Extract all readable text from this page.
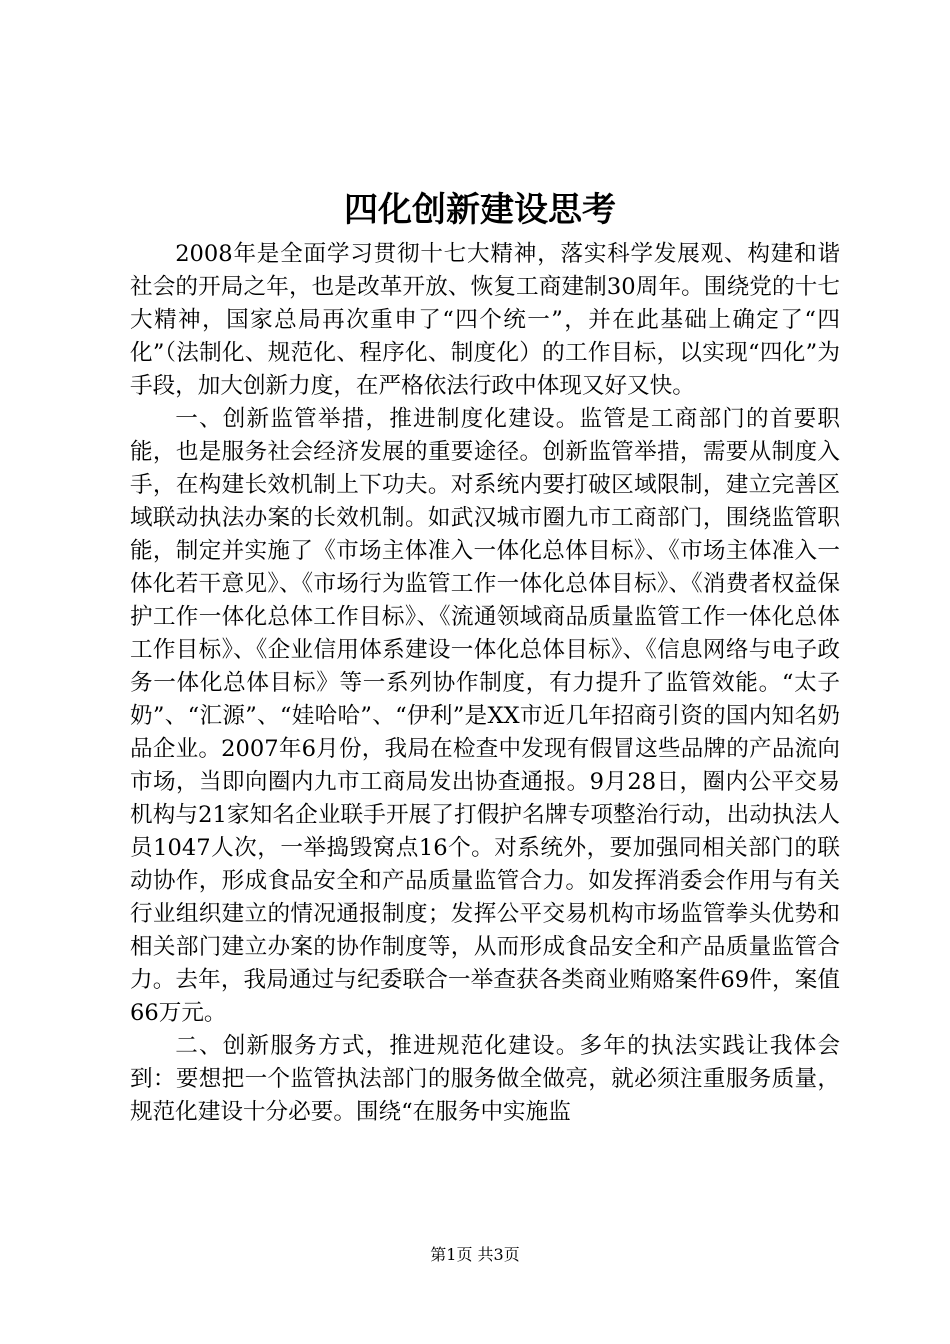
四化创新建设思考

2008年是全面学习贯彻十七大精神，落实科学发展观、构建和谐社会的开局之年，也是改革开放、恢复工商建制30周年。围绕党的十七大精神，国家总局再次重申了“四个统一”，并在此基础上确定了“四化”（法制化、规范化、程序化、制度化）的工作目标，以实现“四化”为手段，加大创新力度，在严格依法行政中体现又好又快。

一、创新监管举措，推进制度化建设。监管是工商部门的首要职能，也是服务社会经济发展的重要途径。创新监管举措，需要从制度入手，在构建长效机制上下功夫。对系统内要打破区域限制，建立完善区域联动执法办案的长效机制。如武汉城市圈九市工商部门，围绕监管职能，制定并实施了《市场主体准入一体化总体目标》、《市场主体准入一体化若干意见》、《市场行为监管工作一体化总体目标》、《消费者权益保护工作一体化总体工作目标》、《流通领域商品质量监管工作一体化总体工作目标》、《企业信用体系建设一体化总体目标》、《信息网络与电子政务一体化总体目标》等一系列协作制度，有力提升了监管效能。“太子奶”、“汇源”、“娃哈哈”、“伊利”是XX市近几年招商引资的国内知名奶品企业。2007年6月份，我局在检查中发现有假冒这些品牌的产品流向市场，当即向圈内九市工商局发出协查通报。9月28日，圈内公平交易机构与21家知名企业联手开展了打假护名牌专项整治行动，出动执法人员1047人次，一举捣毁窝点16个。对系统外，要加强同相关部门的联动协作，形成食品安全和产品质量监管合力。如发挥消委会作用与有关行业组织建立的情况通报制度；发挥公平交易机构市场监管拳头优势和相关部门建立办案的协作制度等，从而形成食品安全和产品质量监管合力。去年，我局通过与纪委联合一举查获各类商业贿赂案件69件，案值66万元。

二、创新服务方式，推进规范化建设。多年的执法实践让我体会到：要想把一个监管执法部门的服务做全做亮，就必须注重服务质量，规范化建设十分必要。围绕“在服务中实施监

第1页 共3页
